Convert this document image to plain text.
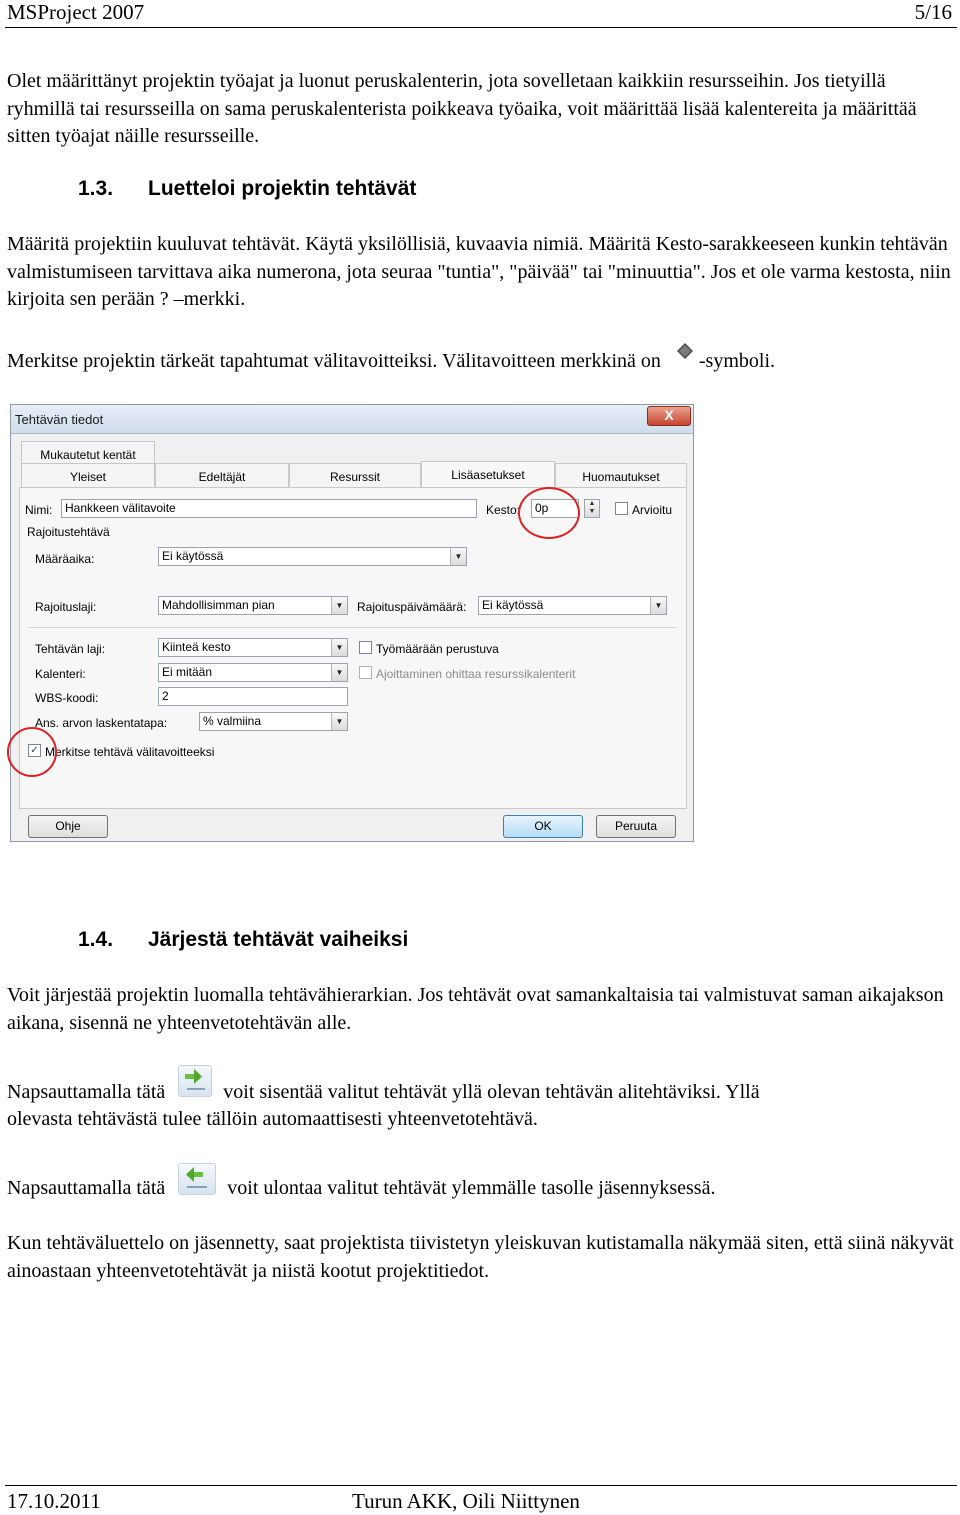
MSProject 2007	5/16

Olet määrittänyt projektin työajat ja luonut peruskalenterin, jota sovelletaan kaikkiin resursseihin. Jos tietyillä ryhmillä tai resursseilla on sama peruskalenterista poikkeava työaika, voit määrittää lisää kalentereita ja määrittää sitten työajat näille resursseille.

1.3. Luetteloi projektin tehtävät

Määritä projektiin kuuluvat tehtävät. Käytä yksilöllisiä, kuvaavia nimiä. Määritä Kesto-sarakkeeseen kunkin tehtävän valmistumiseen tarvittava aika numerona, jota seuraa "tuntia", "päivää" tai "minuuttia". Jos et ole varma kestosta, niin kirjoita sen perään ? –merkki.

Merkitse projektin tärkeät tapahtumat välitavoitteiksi. Välitavoitteen merkkinä on -symboli.
Tehtävän tiedot	X
Mukautetut kentät
Yleiset	Edeltäjät	Resurssit	Lisäasetukset	Huomautukset
Nimi:	Hankkeen välitavoite	Kesto:	0p	▲
▼	Arvioitu
Rajoitustehtävä
Määräaika:	Ei käytössä	▼
Rajoituslaji:	Mahdollisimman pian	▼ Rajoituspäivämäärä:	Ei käytössä	▼
Tehtävän laji:	Kiinteä kesto	▼	Työmäärään perustuva
Kalenteri:	Ei mitään	▼	Ajoittaminen ohittaa resurssikalenterit
WBS-koodi:	2
Ans. arvon laskentatapa:	% valmiina	▼
✓ Merkitse tehtävä välitavoitteeksi
Ohje	OK	Peruuta
1.4. Järjestä tehtävät vaiheiksi

Voit järjestää projektin luomalla tehtävähierarkian. Jos tehtävät ovat samankaltaisia tai valmistuvat saman aikajakson aikana, sisennä ne yhteenvetotehtävän alle.

Napsauttamalla tätä	voit sisentää valitut tehtävät yllä olevan tehtävän alitehtäviksi. Yllä

olevasta tehtävästä tulee tällöin automaattisesti yhteenvetotehtävä.

Napsauttamalla tätä	voit ulontaa valitut tehtävät ylemmälle tasolle jäsennyksessä.

Kun tehtäväluettelo on jäsennetty, saat projektista tiivistetyn yleiskuvan kutistamalla näkymää siten, että siinä näkyvät ainoastaan yhteenvetotehtävät ja niistä kootut projektitiedot.

17.10.2011	Turun AKK, Oili Niittynen
